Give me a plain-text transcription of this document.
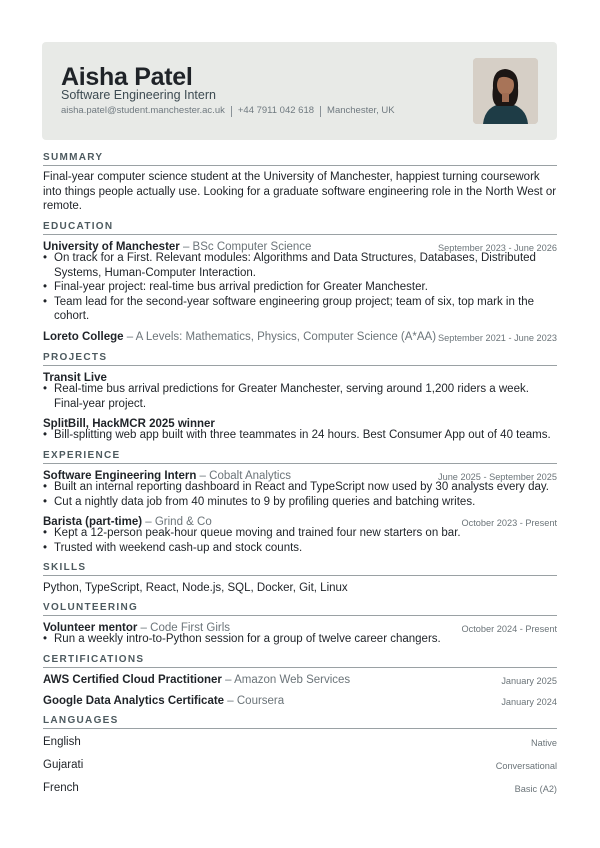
Aisha Patel
Software Engineering Intern
aisha.patel@student.manchester.ac.uk +44 7911 042 618 Manchester, UK
SUMMARY
Final-year computer science student at the University of Manchester, happiest turning coursework into things people actually use. Looking for a graduate software engineering role in the North West or remote.
EDUCATION
University of Manchester – BSc Computer Science	September 2023 - June 2026
• On track for a First. Relevant modules: Algorithms and Data Structures, Databases, Distributed Systems, Human-Computer Interaction.
• Final-year project: real-time bus arrival prediction for Greater Manchester.
• Team lead for the second-year software engineering group project; team of six, top mark in the cohort.
Loreto College – A Levels: Mathematics, Physics, Computer Science (A*AA) September 2021 - June 2023
PROJECTS
Transit Live
• Real-time bus arrival predictions for Greater Manchester, serving around 1,200 riders a week. Final-year project.
SplitBill, HackMCR 2025 winner
• Bill-splitting web app built with three teammates in 24 hours. Best Consumer App out of 40 teams.
EXPERIENCE
Software Engineering Intern – Cobalt Analytics	June 2025 - September 2025
• Built an internal reporting dashboard in React and TypeScript now used by 30 analysts every day.
• Cut a nightly data job from 40 minutes to 9 by profiling queries and batching writes.
Barista (part-time) – Grind & Co	October 2023 - Present
• Kept a 12-person peak-hour queue moving and trained four new starters on bar.
• Trusted with weekend cash-up and stock counts.
SKILLS
Python, TypeScript, React, Node.js, SQL, Docker, Git, Linux
VOLUNTEERING
Volunteer mentor – Code First Girls	October 2024 - Present
• Run a weekly intro-to-Python session for a group of twelve career changers.
CERTIFICATIONS
AWS Certified Cloud Practitioner – Amazon Web Services	January 2025
Google Data Analytics Certificate – Coursera	January 2024
LANGUAGES
English	Native
Gujarati	Conversational
French	Basic (A2)
